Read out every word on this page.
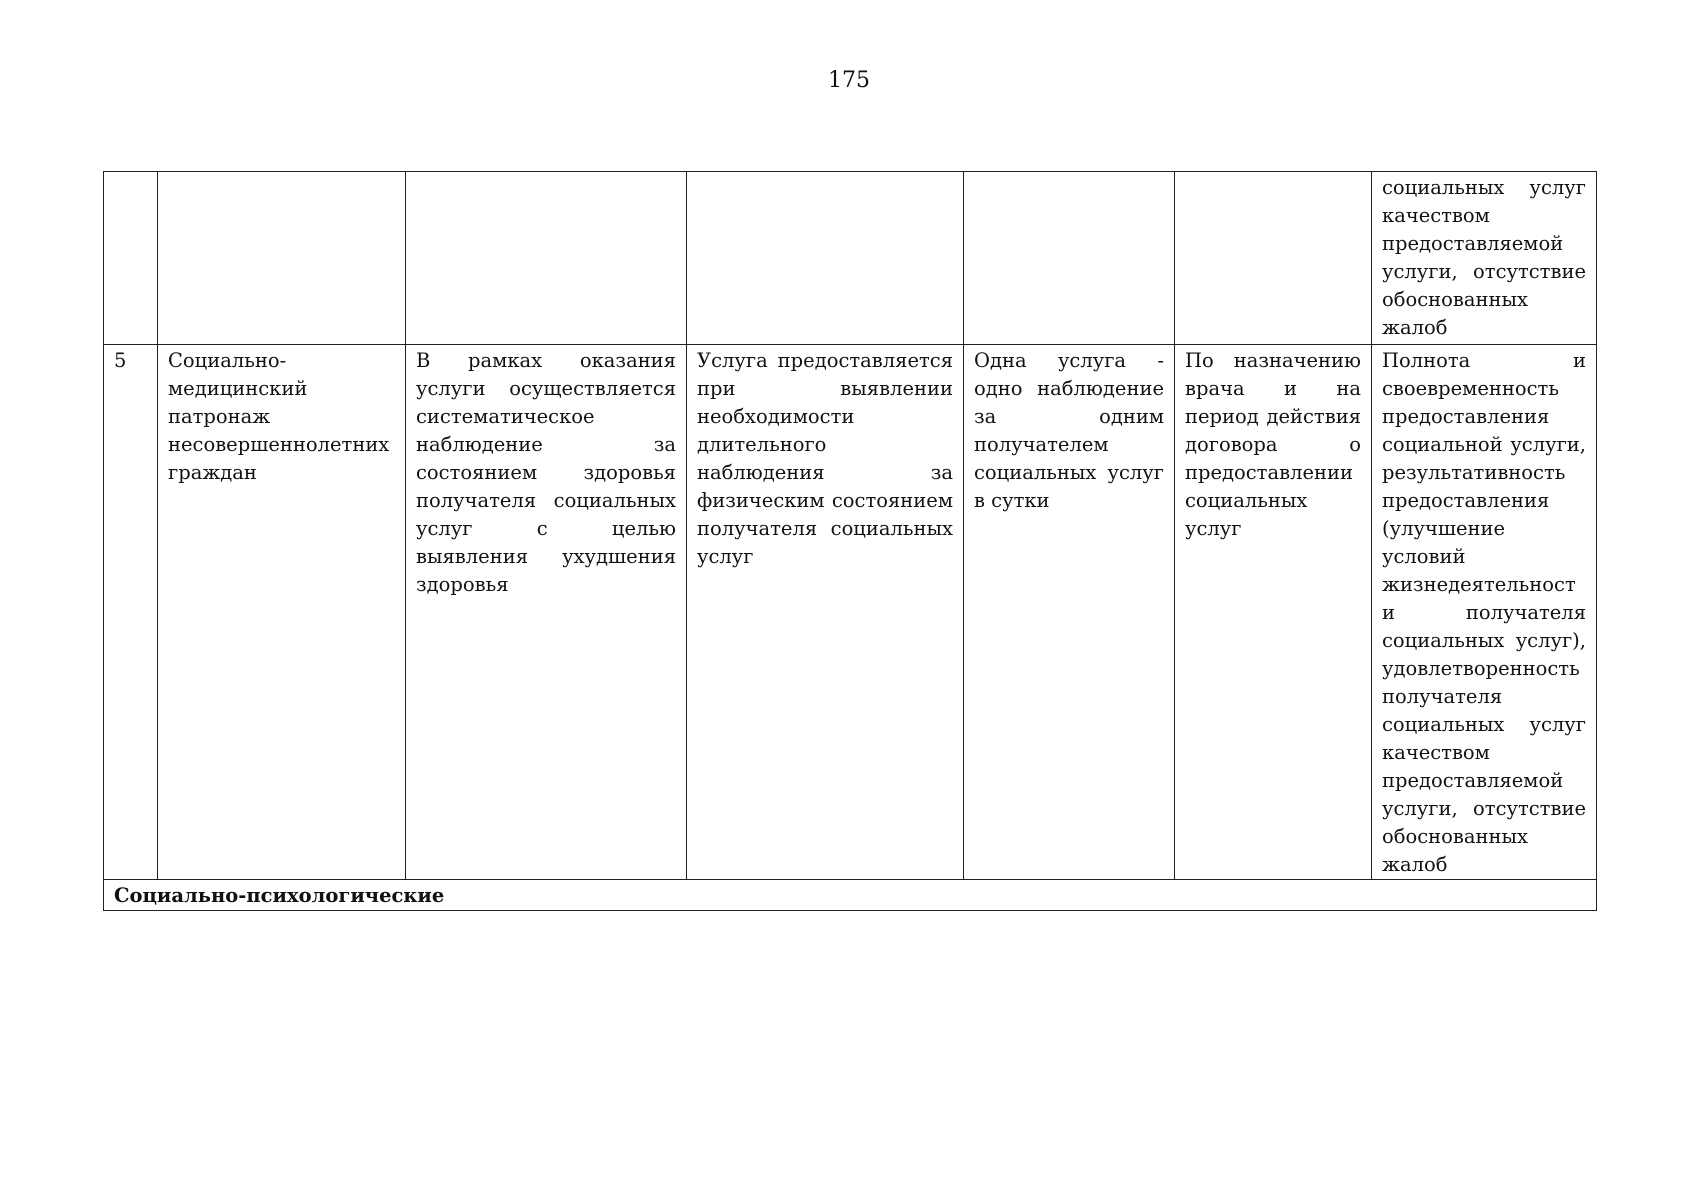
175

						социальных услуг качеством предоставляемой услуги, отсутствие обоснованных жалоб

5	Социально-медицинский патронаж несовершеннолетних граждан	В рамках оказания услуги осуществляется систематическое наблюдение за состоянием здоровья получателя социальных услуг с целью выявления ухудшения здоровья	Услуга предоставляется при выявлении необходимости длительного наблюдения за физическим состоянием получателя социальных услуг	Одна услуга - одно наблюдение за одним получателем социальных услуг в сутки	По назначению врача и на период действия договора о предоставлении социальных услуг	Полнота и своевременность предоставления социальной услуги, результативность предоставления (улучшение условий жизнедеятельности получателя социальных услуг), удовлетворенность получателя социальных услуг качеством предоставляемой услуги, отсутствие обоснованных жалоб

Социально-психологические						
